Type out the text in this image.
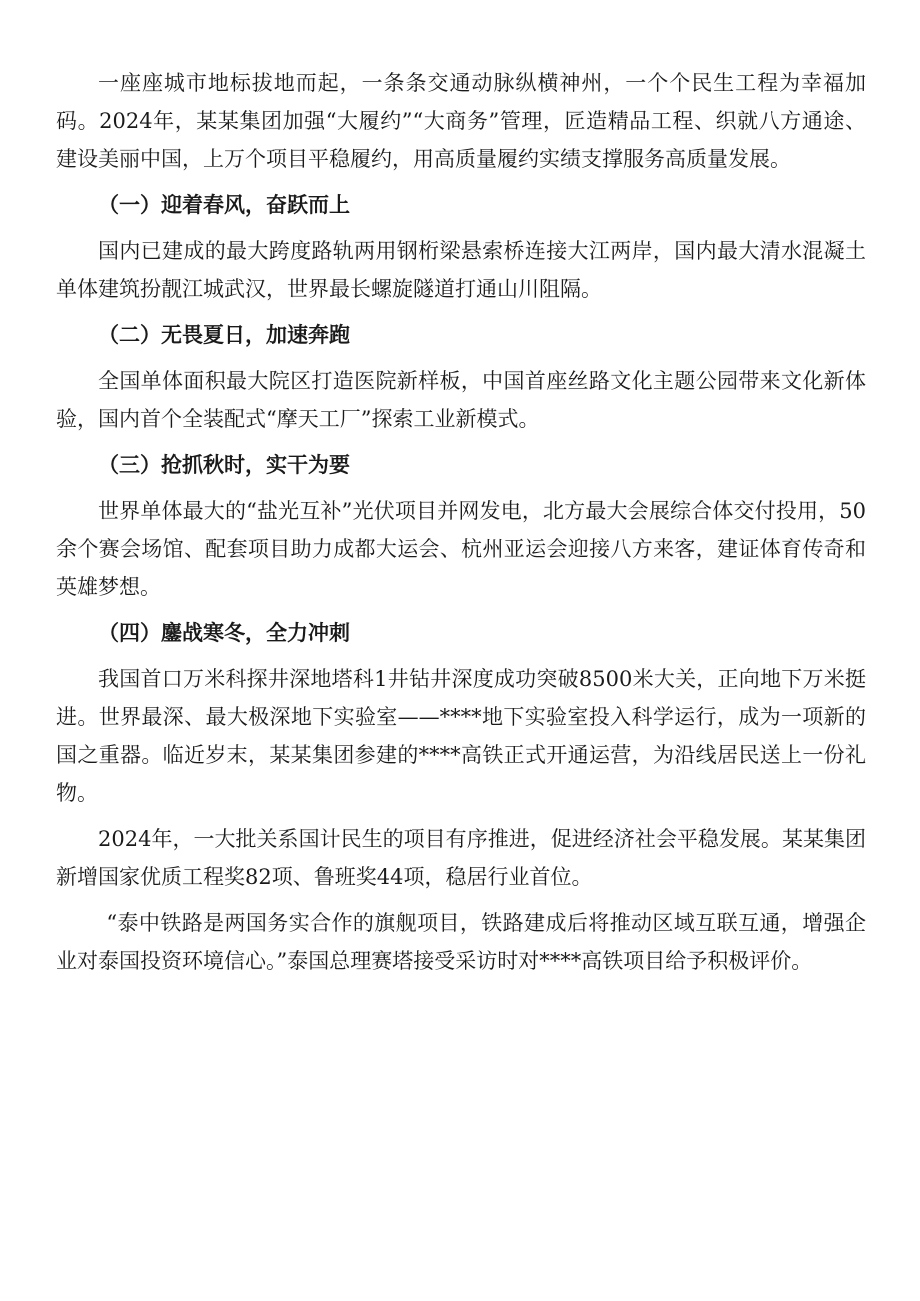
一座座城市地标拔地而起，一条条交通动脉纵横神州，一个个民生工程为幸福加码。2024年，某某集团加强“大履约”“大商务”管理，匠造精品工程、织就八方通途、建设美丽中国，上万个项目平稳履约，用高质量履约实绩支撑服务高质量发展。

（一）迎着春风，奋跃而上

国内已建成的最大跨度路轨两用钢桁梁悬索桥连接大江两岸，国内最大清水混凝土单体建筑扮靓江城武汉，世界最长螺旋隧道打通山川阻隔。

（二）无畏夏日，加速奔跑

全国单体面积最大院区打造医院新样板，中国首座丝路文化主题公园带来文化新体验，国内首个全装配式“摩天工厂”探索工业新模式。

（三）抢抓秋时，实干为要

世界单体最大的“盐光互补”光伏项目并网发电，北方最大会展综合体交付投用，50余个赛会场馆、配套项目助力成都大运会、杭州亚运会迎接八方来客，建证体育传奇和英雄梦想。

（四）鏖战寒冬，全力冲刺

我国首口万米科探井深地塔科1井钻井深度成功突破8500米大关，正向地下万米挺进。世界最深、最大极深地下实验室——****地下实验室投入科学运行，成为一项新的国之重器。临近岁末，某某集团参建的****高铁正式开通运营，为沿线居民送上一份礼物。

2024年，一大批关系国计民生的项目有序推进，促进经济社会平稳发展。某某集团新增国家优质工程奖82项、鲁班奖44项，稳居行业首位。

“泰中铁路是两国务实合作的旗舰项目，铁路建成后将推动区域互联互通，增强企业对泰国投资环境信心。”泰国总理赛塔接受采访时对****高铁项目给予积极评价。
